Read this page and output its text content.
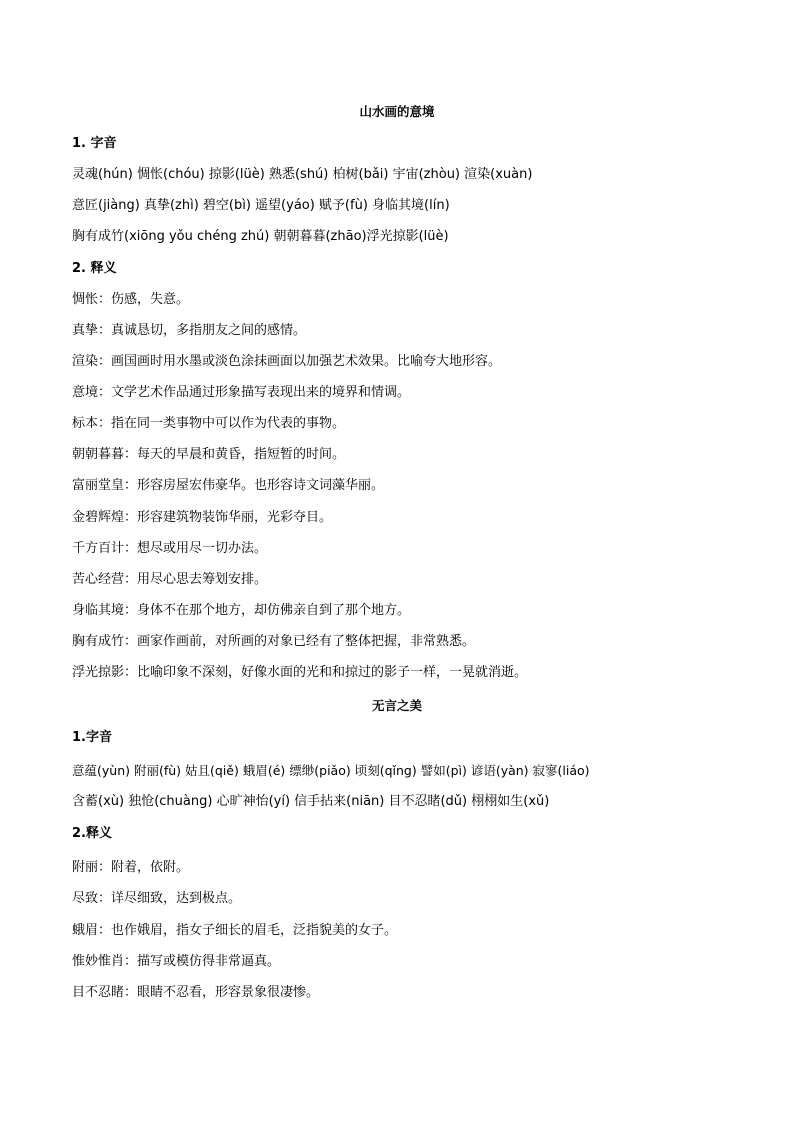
山水画的意境
1. 字音
灵魂(hún) 惆怅(chóu) 掠影(lüè) 熟悉(shú) 柏树(bǎi) 宇宙(zhòu) 渲染(xuàn)
意匠(jiàng) 真挚(zhì) 碧空(bì) 遥望(yáo) 赋予(fù) 身临其境(lín)
胸有成竹(xiōng yǒu chéng zhú) 朝朝暮暮(zhāo)浮光掠影(lüè)
2. 释义
惆怅：伤感，失意。
真挚：真诚恳切，多指朋友之间的感情。
渲染：画国画时用水墨或淡色涂抹画面以加强艺术效果。比喻夸大地形容。
意境：文学艺术作品通过形象描写表现出来的境界和情调。
标本：指在同一类事物中可以作为代表的事物。
朝朝暮暮：每天的早晨和黄昏，指短暂的时间。
富丽堂皇：形容房屋宏伟豪华。也形容诗文词藻华丽。
金碧辉煌：形容建筑物装饰华丽，光彩夺目。
千方百计：想尽或用尽一切办法。
苦心经营：用尽心思去筹划安排。
身临其境：身体不在那个地方，却仿佛亲自到了那个地方。
胸有成竹：画家作画前，对所画的对象已经有了整体把握，非常熟悉。
浮光掠影：比喻印象不深刻，好像水面的光和和掠过的影子一样，一晃就消逝。
无言之美
1.字音
意蕴(yùn) 附丽(fù) 姑且(qiě) 蛾眉(é) 缥缈(piǎo) 顷刻(qǐng) 譬如(pì) 谚语(yàn) 寂寥(liáo)
含蓄(xù) 独怆(chuàng) 心旷神怡(yí) 信手拈来(niān) 目不忍睹(dǔ) 栩栩如生(xǔ)
2.释义
附丽：附着，依附。
尽致：详尽细致，达到极点。
蛾眉：也作娥眉，指女子细长的眉毛，泛指貌美的女子。
惟妙惟肖：描写或模仿得非常逼真。
目不忍睹：眼睛不忍看，形容景象很凄惨。
